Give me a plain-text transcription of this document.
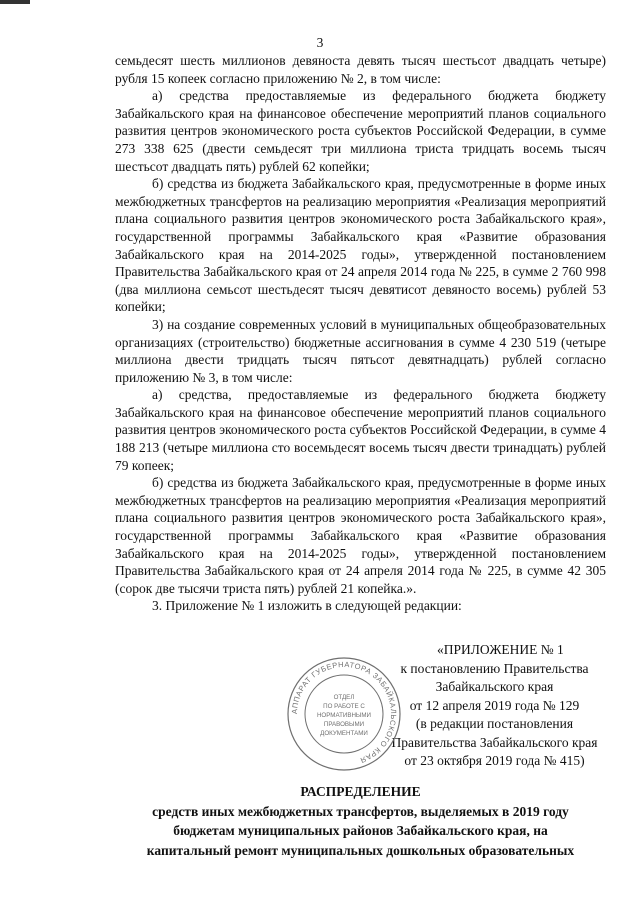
3

семьдесят шесть миллионов девяноста девять тысяч шестьсот двадцать четыре) рубля 15 копеек согласно приложению № 2, в том числе:

а) средства предоставляемые из федерального бюджета бюджету Забайкальского края на финансовое обеспечение мероприятий планов социального развития центров экономического роста субъектов Российской Федерации, в сумме 273 338 625 (двести семьдесят три миллиона триста тридцать восемь тысяч шестьсот двадцать пять) рублей 62 копейки;

б) средства из бюджета Забайкальского края, предусмотренные в форме иных межбюджетных трансфертов на реализацию мероприятия «Реализация мероприятий плана социального развития центров экономического роста Забайкальского края», государственной программы Забайкальского края «Развитие образования Забайкальского края на 2014-2025 годы», утвержденной постановлением Правительства Забайкальского края от 24 апреля 2014 года № 225, в сумме 2 760 998 (два миллиона семьсот шестьдесят тысяч девятисот девяносто восемь) рублей 53 копейки;

3) на создание современных условий в муниципальных общеобразовательных организациях (строительство) бюджетные ассигнования в сумме 4 230 519 (четыре миллиона двести тридцать тысяч пятьсот девятнадцать) рублей согласно приложению № 3, в том числе:

а) средства, предоставляемые из федерального бюджета бюджету Забайкальского края на финансовое обеспечение мероприятий планов социального развития центров экономического роста субъектов Российской Федерации, в сумме 4 188 213 (четыре миллиона сто восемьдесят восемь тысяч двести тринадцать) рублей 79 копеек;

б) средства из бюджета Забайкальского края, предусмотренные в форме иных межбюджетных трансфертов на реализацию мероприятия «Реализация мероприятий плана социального развития центров экономического роста Забайкальского края», государственной программы Забайкальского края «Развитие образования Забайкальского края на 2014-2025 годы», утвержденной постановлением Правительства Забайкальского края от 24 апреля 2014 года № 225, в сумме 42 305 (сорок две тысячи триста пять) рублей 21 копейка.».

3. Приложение № 1 изложить в следующей редакции:

«ПРИЛОЖЕНИЕ № 1
к постановлению Правительства
Забайкальского края
от 12 апреля 2019 года № 129
(в редакции постановления
Правительства Забайкальского края
от 23 октября 2019 года № 415)
АППАРАТ ГУБЕРНАТОРА ЗАБАЙКАЛЬСКОГО КРАЯ
ОТДЕЛ
ПО РАБОТЕ С
НОРМАТИВНЫМИ
ПРАВОВЫМИ
ДОКУМЕНТАМИ
РАСПРЕДЕЛЕНИЕ
средств иных межбюджетных трансфертов, выделяемых в 2019 году
бюджетам муниципальных районов Забайкальского края, на
капитальный ремонт муниципальных дошкольных образовательных
